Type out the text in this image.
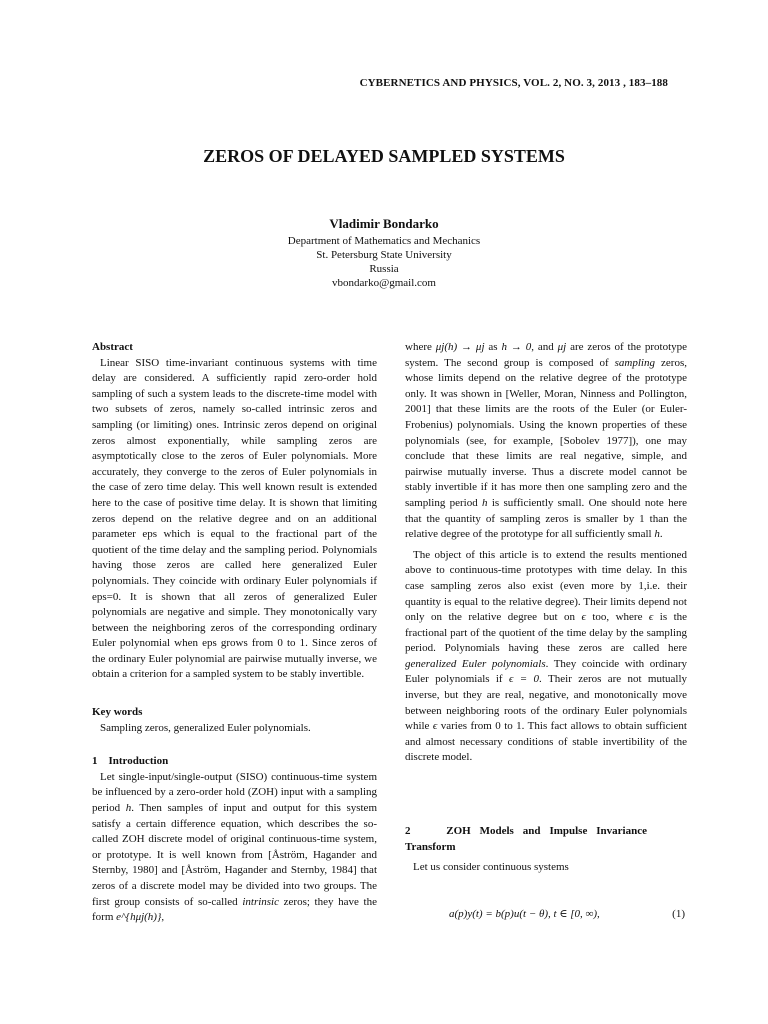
CYBERNETICS AND PHYSICS, VOL. 2, NO. 3, 2013 , 183–188
ZEROS OF DELAYED SAMPLED SYSTEMS
Vladimir Bondarko
Department of Mathematics and Mechanics
St. Petersburg State University
Russia
vbondarko@gmail.com
Abstract

Linear SISO time-invariant continuous systems with time delay are considered. A sufficiently rapid zero-order hold sampling of such a system leads to the discrete-time model with two subsets of zeros, namely so-called intrinsic zeros and sampling (or limiting) ones. Intrinsic zeros depend on original zeros almost exponentially, while sampling zeros are asymptotically close to the zeros of Euler polynomials. More accurately, they converge to the zeros of Euler polynomials in the case of zero time delay. This well known result is extended here to the case of positive time delay. It is shown that limiting zeros depend on the relative degree and on an additional parameter eps which is equal to the fractional part of the quotient of the time delay and the sampling period. Polynomials having those zeros are called here generalized Euler polynomials. They coincide with ordinary Euler polynomials if eps=0. It is shown that all zeros of generalized Euler polynomials are negative and simple. They monotonically vary between the neighboring zeros of the corresponding ordinary Euler polynomial when eps grows from 0 to 1. Since zeros of the ordinary Euler polynomial are pairwise mutually inverse, we obtain a criterion for a sampled system to be stably invertible.

Key words

Sampling zeros, generalized Euler polynomials.

1    Introduction

Let single-input/single-output (SISO) continuous-time system be influenced by a zero-order hold (ZOH) input with a sampling period h. Then samples of input and output for this system satisfy a certain difference equation, which describes the so-called ZOH discrete model of original continuous-time system, or prototype. It is well known from [Åström, Hagander and Sternby, 1980] and [Åström, Hagander and Sternby, 1984] that zeros of a discrete model may be divided into two groups. The first group consists of so-called intrinsic zeros; they have the form e^{hμj(h)},

where μj(h) → μj as h → 0, and μj are zeros of the prototype system. The second group is composed of sampling zeros, whose limits depend on the relative degree of the prototype only. It was shown in [Weller, Moran, Ninness and Pollington, 2001] that these limits are the roots of the Euler (or Euler-Frobenius) polynomials. Using the known properties of these polynomials (see, for example, [Sobolev 1977]), one may conclude that these limits are real negative, simple, and pairwise mutually inverse. Thus a discrete model cannot be stably invertible if it has more then one sampling zero and the sampling period h is sufficiently small. One should note here that the quantity of sampling zeros is smaller by 1 than the relative degree of the prototype for all sufficiently small h.

The object of this article is to extend the results mentioned above to continuous-time prototypes with time delay. In this case sampling zeros also exist (even more by 1,i.e. their quantity is equal to the relative degree). Their limits depend not only on the relative degree but on ϵ too, where ϵ is the fractional part of the quotient of the time delay by the sampling period. Polynomials having these zeros are called here generalized Euler polynomials. They coincide with ordinary Euler polynomials if ϵ = 0. Their zeros are not mutually inverse, but they are real, negative, and monotonically move between neighboring roots of the ordinary Euler polynomials while ϵ varies from 0 to 1. This fact allows to obtain sufficient and almost necessary conditions of stable invertibility of the discrete model.

2    ZOH Models and Impulse Invariance Transform

Let us consider continuous systems

a(p)y(t) = b(p)u(t − θ), t ∈ [0, ∞),	(1)
